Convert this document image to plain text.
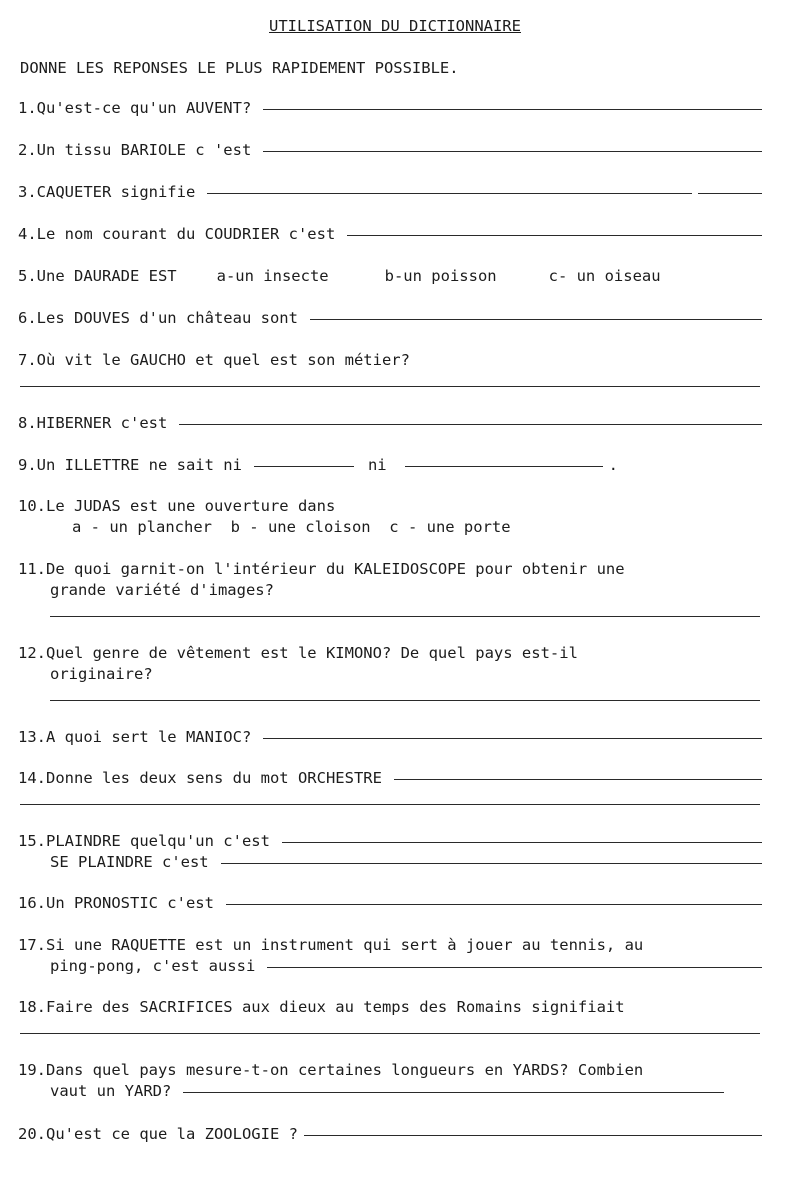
UTILISATION DU DICTIONNAIRE
DONNE LES REPONSES LE PLUS RAPIDEMENT POSSIBLE.
1.Qu'est-ce qu'un AUVENT?
2.Un tissu BARIOLE c 'est
3.CAQUETER signifie
4.Le nom courant du COUDRIER c'est
5.Une DAURADE EST	a-un insecte	b-un poisson	c- un oiseau
6.Les DOUVES d'un château sont
7.Où vit le GAUCHO et quel est son métier?
8.HIBERNER c'est
9.Un ILLETTRE ne sait ni	ni	.
10.Le JUDAS est une ouverture dans
a - un plancher  b - une cloison  c - une porte
11.De quoi garnit-on l'intérieur du KALEIDOSCOPE pour obtenir une
grande variété d'images?
12.Quel genre de vêtement est le KIMONO? De quel pays est-il
originaire?
13.A quoi sert le MANIOC?
14.Donne les deux sens du mot ORCHESTRE
15.PLAINDRE quelqu'un c'est
SE PLAINDRE c'est
16.Un PRONOSTIC c'est
17.Si une RAQUETTE est un instrument qui sert à jouer au tennis, au
ping-pong, c'est aussi
18.Faire des SACRIFICES aux dieux au temps des Romains signifiait
19.Dans quel pays mesure-t-on certaines longueurs en YARDS? Combien
vaut un YARD?
20.Qu'est ce que la ZOOLOGIE ?
